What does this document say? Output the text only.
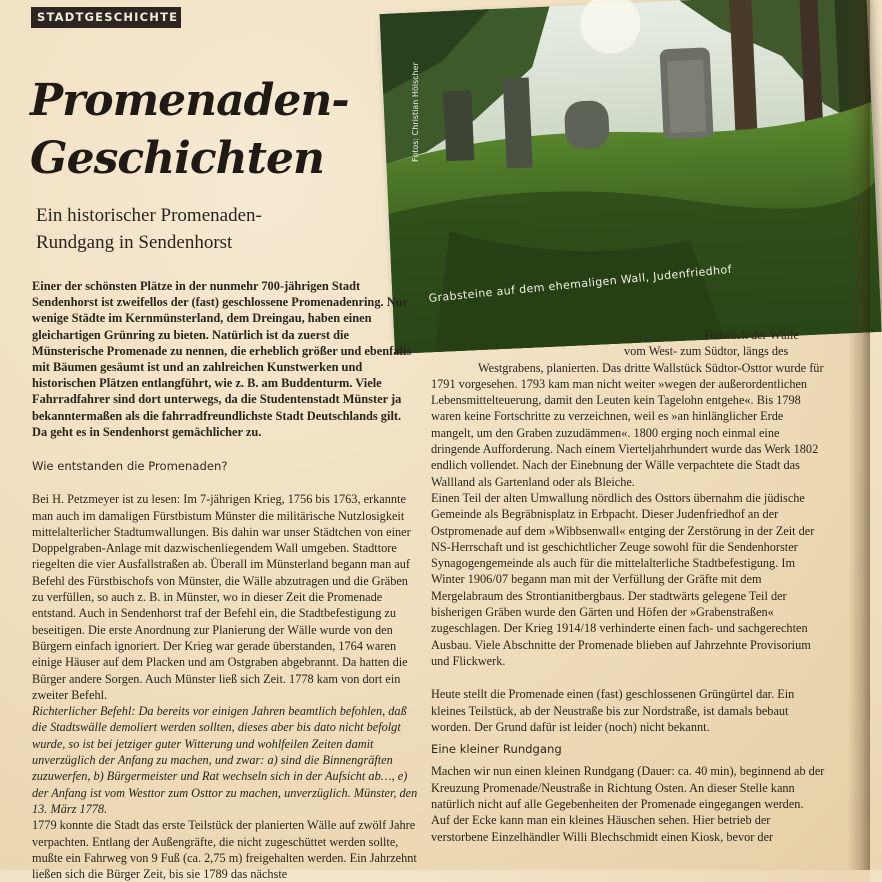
STADTGESCHICHTE
Promenaden-
Geschichten
Ein historischer Promenaden-
Rundgang in Sendenhorst
Fotos: Christian Hölscher
Grabsteine auf dem ehemaligen Wall, Judenfriedhof

Einer der schönsten Plätze in der nunmehr 700-jährigen Stadt Sendenhorst ist zweifellos der (fast) geschlossene Promenadenring. Nur wenige Städte im Kernmünsterland, dem Dreingau, haben einen gleichartigen Grünring zu bieten. Natürlich ist da zuerst die Münsterische Promenade zu nennen, die erheblich größer und ebenfalls mit Bäumen gesäumt ist und an zahlreichen Kunstwerken und historischen Plätzen entlangführt, wie z. B. am Buddenturm. Viele Fahrradfahrer sind dort unterwegs, da die Studentenstadt Münster ja bekanntermaßen als die fahrradfreundlichste Stadt Deutschlands gilt. Da geht es in Sendenhorst gemächlicher zu.

Wie entstanden die Promenaden?

Bei H. Petzmeyer ist zu lesen: Im 7-jährigen Krieg, 1756 bis 1763, erkannte man auch im damaligen Fürstbistum Münster die militärische Nutzlosigkeit mittelalterlicher Stadtumwallungen. Bis dahin war unser Städtchen von einer Doppelgraben-Anlage mit dazwischenliegendem Wall umgeben. Stadttore riegelten die vier Ausfallstraßen ab. Überall im Münsterland begann man auf Befehl des Fürstbischofs von Münster, die Wälle abzutragen und die Gräben zu verfüllen, so auch z. B. in Münster, wo in dieser Zeit die Promenade entstand. Auch in Sendenhorst traf der Befehl ein, die Stadtbefestigung zu beseitigen. Die erste Anordnung zur Planierung der Wälle wurde von den Bürgern einfach ignoriert. Der Krieg war gerade überstanden, 1764 waren einige Häuser auf dem Placken und am Ostgraben abgebrannt. Da hatten die Bürger andere Sorgen. Auch Münster ließ sich Zeit. 1778 kam von dort ein zweiter Befehl.

Richterlicher Befehl: Da bereits vor einigen Jahren beamtlich befohlen, daß die Stadtswälle demoliert werden sollten, dieses aber bis dato nicht befolgt wurde, so ist bei jetziger guter Witterung und wohlfeilen Zeiten damit unverzüglich der Anfang zu machen, und zwar: a) sind die Binnengräften zuzuwerfen, b) Bürgermeister und Rat wechseln sich in der Aufsicht ab…, e) der Anfang ist vom Westtor zum Osttor zu machen, unverzüglich. Münster, den 13. März 1778.

1779 konnte die Stadt das erste Teilstück der planierten Wälle auf zwölf Jahre verpachten. Entlang der Außengräfte, die nicht zugeschüttet werden sollte, mußte ein Fahrweg von 9 Fuß (ca. 2,75 m) freigehalten werden. Ein Jahrzehnt ließen sich die Bürger Zeit, bis sie 1789 das nächste

Teilstück der Wälle

vom West- zum Südtor, längs des

Westgrabens, planierten. Das dritte Wallstück Südtor-Osttor wurde für 1791 vorgesehen. 1793 kam man nicht weiter »wegen der außerordentlichen Lebensmittelteuerung, damit den Leuten kein Tagelohn entgehe«. Bis 1798 waren keine Fortschritte zu verzeichnen, weil es »an hinlänglicher Erde mangelt, um den Graben zuzudämmen«. 1800 erging noch einmal eine dringende Aufforderung. Nach einem Vierteljahrhundert wurde das Werk 1802 endlich vollendet. Nach der Einebnung der Wälle verpachtete die Stadt das Wallland als Gartenland oder als Bleiche.

Einen Teil der alten Umwallung nördlich des Osttors übernahm die jüdische Gemeinde als Begräbnisplatz in Erbpacht. Dieser Judenfriedhof an der Ostpromenade auf dem »Wibbsenwall« entging der Zerstörung in der Zeit der NS-Herrschaft und ist geschichtlicher Zeuge sowohl für die Sendenhorster Synagogengemeinde als auch für die mittelalterliche Stadtbefestigung. Im Winter 1906/07 begann man mit der Verfüllung der Gräfte mit dem Mergelabraum des Strontianitbergbaus. Der stadtwärts gelegene Teil der bisherigen Gräben wurde den Gärten und Höfen der »Grabenstraßen« zugeschlagen. Der Krieg 1914/18 verhinderte einen fach- und sachgerechten Ausbau. Viele Abschnitte der Promenade blieben auf Jahrzehnte Provisorium und Flickwerk.

Heute stellt die Promenade einen (fast) geschlossenen Grüngürtel dar. Ein kleines Teilstück, ab der Neustraße bis zur Nordstraße, ist damals bebaut worden. Der Grund dafür ist leider (noch) nicht bekannt.

Eine kleiner Rundgang

Machen wir nun einen kleinen Rundgang (Dauer: ca. 40 min), beginnend ab der Kreuzung Promenade/Neustraße in Richtung Osten. An dieser Stelle kann natürlich nicht auf alle Gegebenheiten der Promenade eingegangen werden.

Auf der Ecke kann man ein kleines Häuschen sehen. Hier betrieb der verstorbene Einzelhändler Willi Blechschmidt einen Kiosk, bevor der
